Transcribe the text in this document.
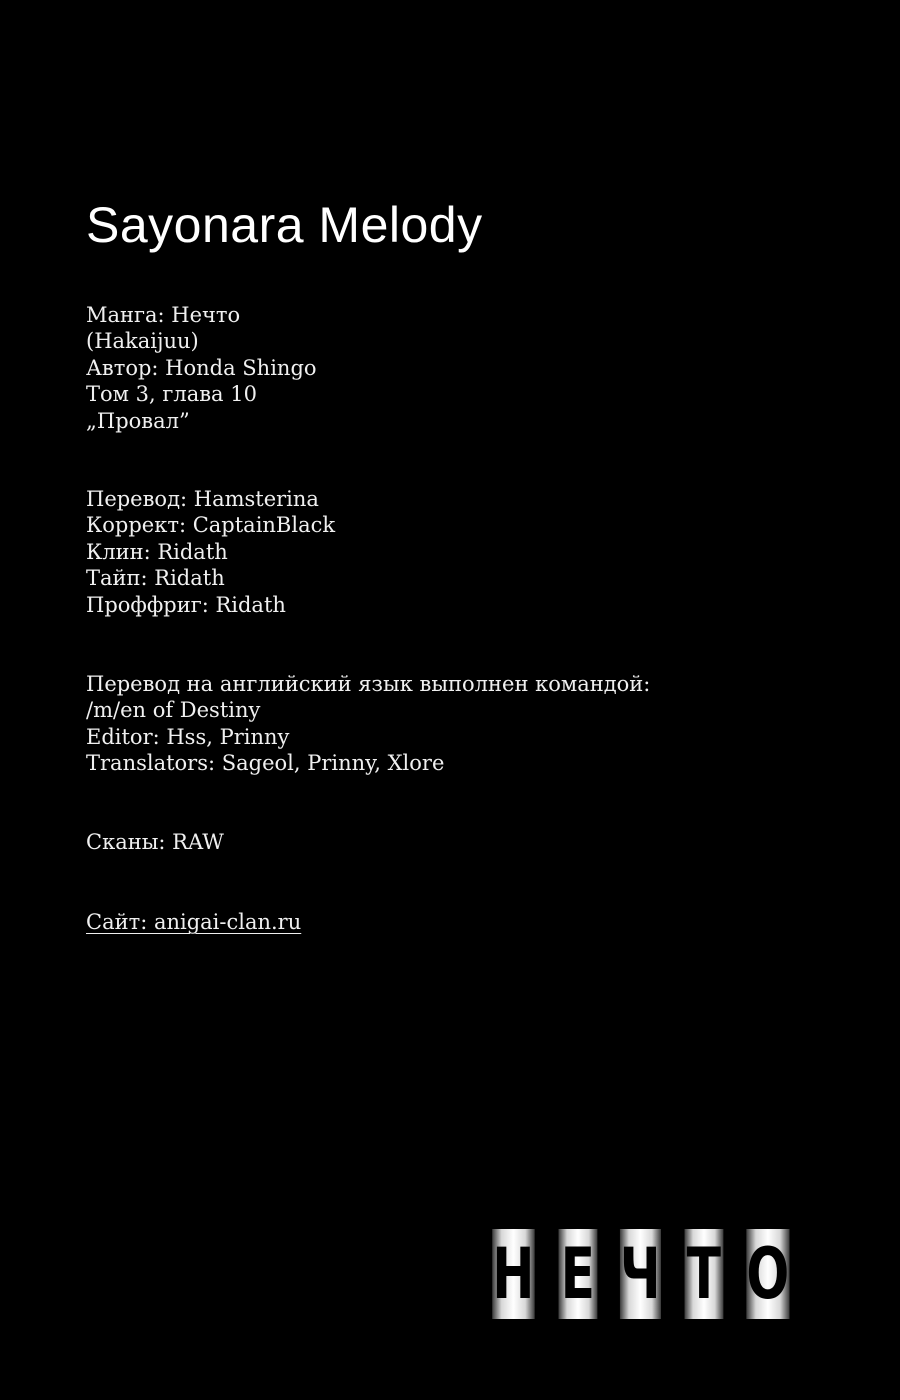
Sayonara Melody
Манга: Нечто
(Hakaijuu)
Автор: Honda Shingo
Том 3, глава 10
„Провал”
Перевод: Hamsterina
Коррект: CaptainBlack
Клин: Ridath
Тайп: Ridath
Проффриг: Ridath
Перевод на английский язык выполнен командой:
/m/en of Destiny
Editor: Hss, Prinny
Translators: Sageol, Prinny, Xlore
Сканы: RAW
Сайт: anigai-clan.ru
Н Е Ч Т О
